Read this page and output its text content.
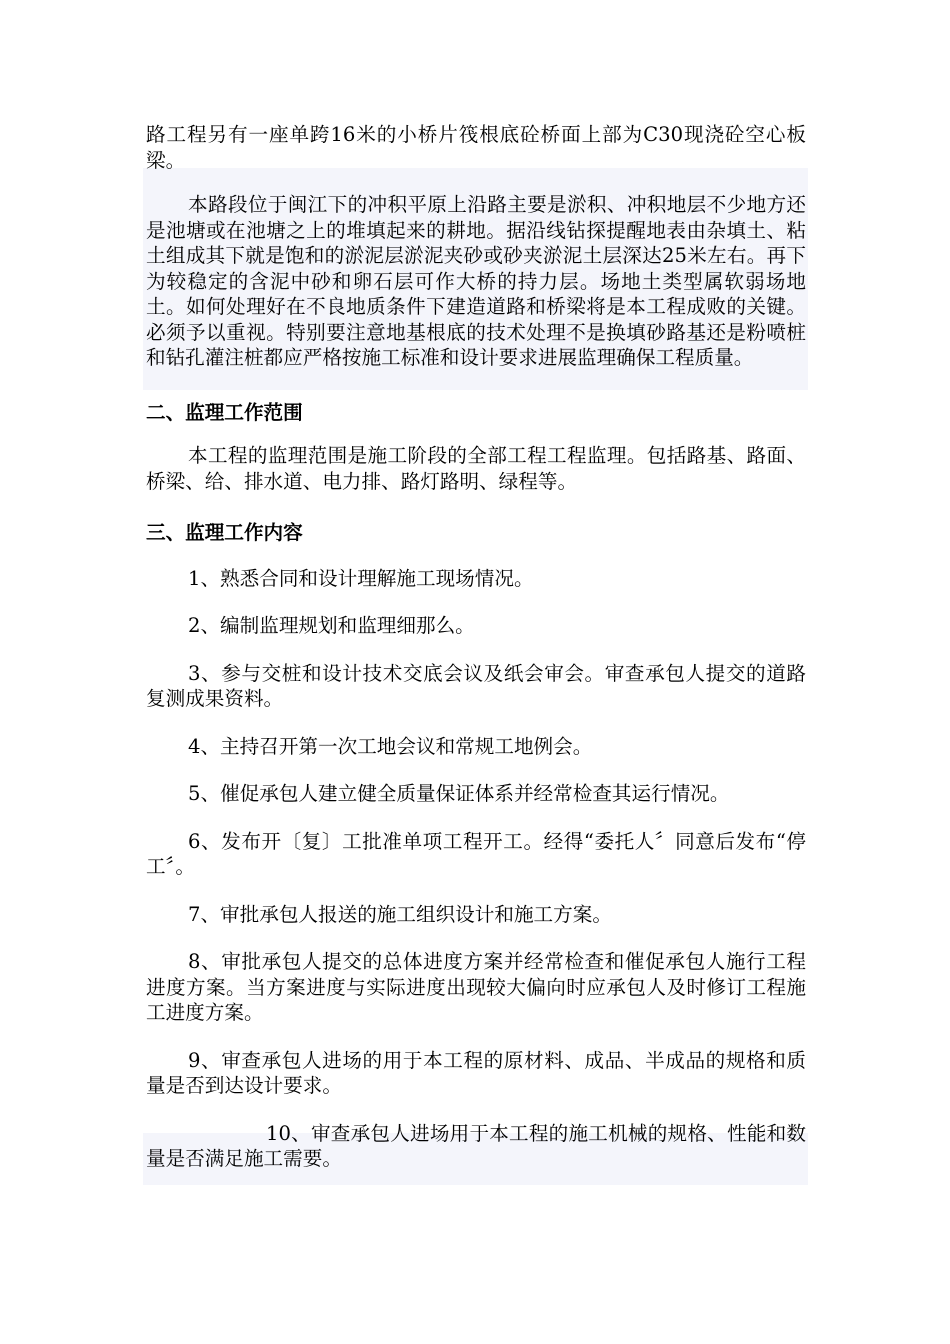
路工程另有一座单跨16米的小桥片筏根底砼桥面上部为C30现浇砼空心板梁。

本路段位于闽江下的冲积平原上沿路主要是淤积、冲积地层不少地方还是池塘或在池塘之上的堆填起来的耕地。据沿线钻探提醒地表由杂填土、粘土组成其下就是饱和的淤泥层淤泥夹砂或砂夹淤泥土层深达25米左右。再下为较稳定的含泥中砂和卵石层可作大桥的持力层。场地土类型属软弱场地土。如何处理好在不良地质条件下建造道路和桥梁将是本工程成败的关键。必须予以重视。特别要注意地基根底的技术处理不是换填砂路基还是粉喷桩和钻孔灌注桩都应严格按施工标准和设计要求进展监理确保工程质量。

二、监理工作范围

本工程的监理范围是施工阶段的全部工程工程监理。包括路基、路面、桥梁、给、排水道、电力排、路灯路明、绿程等。

三、监理工作内容

1、熟悉合同和设计理解施工现场情况。

2、编制监理规划和监理细那么。

3、参与交桩和设计技术交底会议及纸会审会。审查承包人提交的道路复测成果资料。

4、主持召开第一次工地会议和常规工地例会。

5、催促承包人建立健全质量保证体系并经常检查其运行情况。

6、发布开〔复〕工批准单项工程开工。经得“委托人〞同意后发布“停工〞。

7、审批承包人报送的施工组织设计和施工方案。

8、审批承包人提交的总体进度方案并经常检查和催促承包人施行工程进度方案。当方案进度与实际进度出现较大偏向时应承包人及时修订工程施工进度方案。

9、审查承包人进场的用于本工程的原材料、成品、半成品的规格和质量是否到达设计要求。

10、审查承包人进场用于本工程的施工机械的规格、性能和数量是否满足施工需要。
